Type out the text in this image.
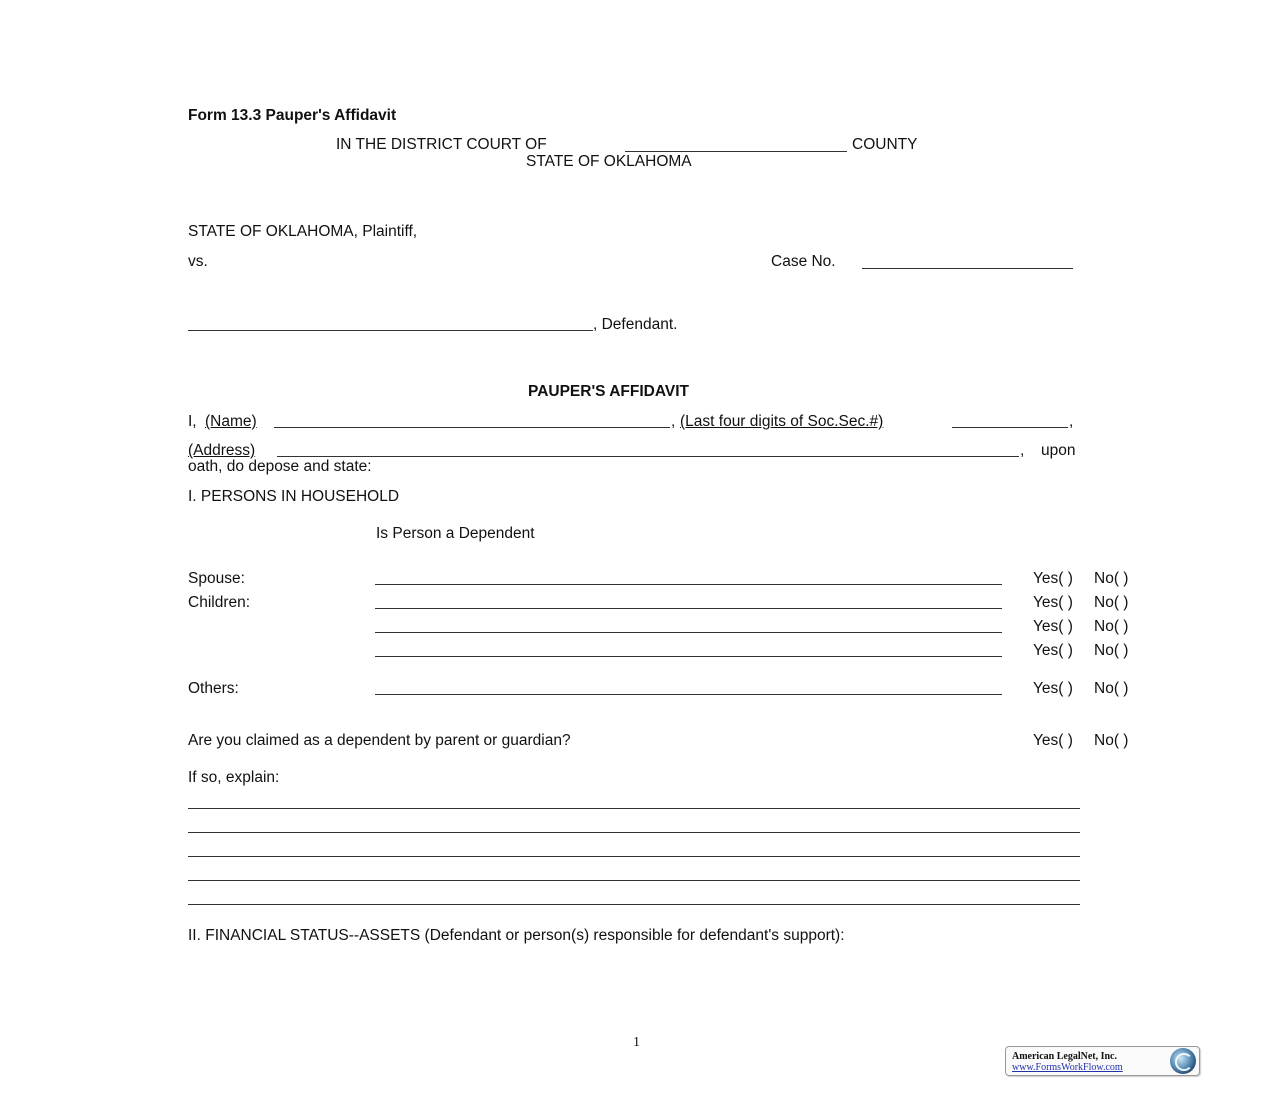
Form 13.3 Pauper's Affidavit
IN THE DISTRICT COURT OF	COUNTY
STATE OF OKLAHOMA
STATE OF OKLAHOMA, Plaintiff,
vs.	Case No.
, Defendant.
PAUPER'S AFFIDAVIT
I, (Name)	, (Last four digits of Soc.Sec.#)	,
(Address)	, upon
oath, do depose and state:
I. PERSONS IN HOUSEHOLD
Is Person a Dependent
Spouse:	Yes( ) No( )
Children:	Yes( ) No( )
Yes( ) No( )
Yes( ) No( )
Others:	Yes( ) No( )
Are you claimed as a dependent by parent or guardian?	Yes( ) No( )
If so, explain:
II. FINANCIAL STATUS--ASSETS (Defendant or person(s) responsible for defendant's support):
1
American LegalNet, Inc.
www.FormsWorkFlow.com
